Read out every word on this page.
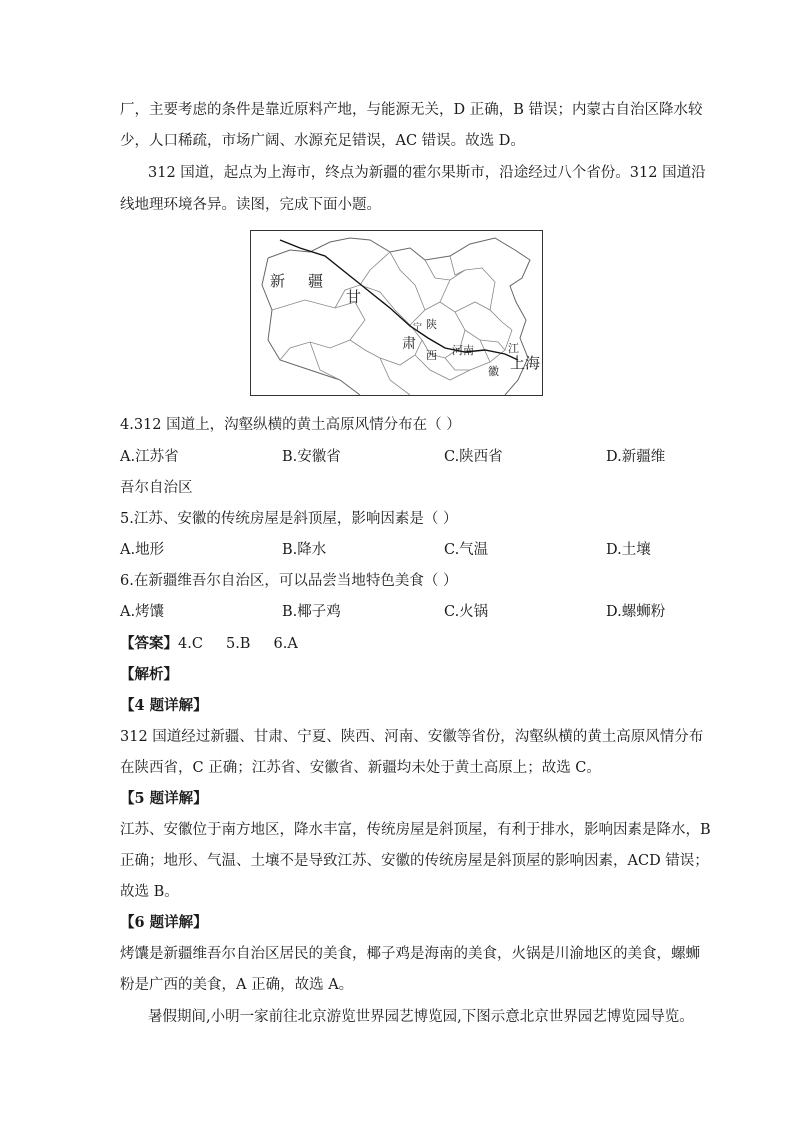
厂，主要考虑的条件是靠近原料产地，与能源无关，D 正确，B 错误；内蒙古自治区降水较
少，人口稀疏，市场广阔、水源充足错误，AC 错误。故选 D。
312 国道，起点为上海市，终点为新疆的霍尔果斯市，沿途经过八个省份。312 国道沿
线地理环境各异。读图，完成下面小题。
新 疆
甘
肃
宁 陕
西 河南	江
徽 上海
4.312 国道上，沟壑纵横的黄土高原风情分布在（ ）
A.江苏省	B.安徽省	C.陕西省	D.新疆维
吾尔自治区
5.江苏、安徽的传统房屋是斜顶屋，影响因素是（ ）
A.地形	B.降水	C.气温	D.土壤
6.在新疆维吾尔自治区，可以品尝当地特色美食（ ）
A.烤馕	B.椰子鸡	C.火锅	D.螺蛳粉
【答案】4.C     5.B     6.A
【解析】
【4 题详解】
312 国道经过新疆、甘肃、宁夏、陕西、河南、安徽等省份，沟壑纵横的黄土高原风情分布
在陕西省，C 正确；江苏省、安徽省、新疆均未处于黄土高原上；故选 C。
【5 题详解】
江苏、安徽位于南方地区，降水丰富，传统房屋是斜顶屋，有利于排水，影响因素是降水，B
正确；地形、气温、土壤不是导致江苏、安徽的传统房屋是斜顶屋的影响因素，ACD 错误；
故选 B。
【6 题详解】
烤馕是新疆维吾尔自治区居民的美食，椰子鸡是海南的美食，火锅是川渝地区的美食，螺蛳
粉是广西的美食，A 正确，故选 A。
暑假期间,小明一家前往北京游览世界园艺博览园,下图示意北京世界园艺博览园导览。
